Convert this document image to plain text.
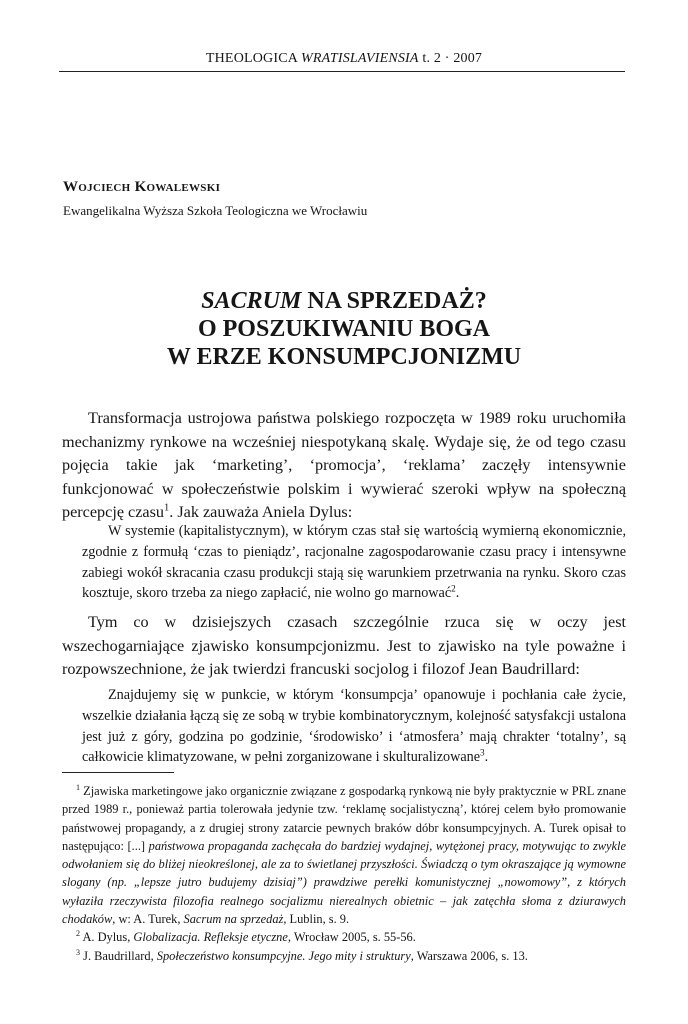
THEOLOGICA WRATISLAVIENSIA t. 2 · 2007
Wojciech Kowalewski
Ewangelikalna Wyższa Szkoła Teologiczna we Wrocławiu
SACRUM NA SPRZEDAŻ?
O POSZUKIWANIU BOGA
W ERZE KONSUMPCJONIZMU
Transformacja ustrojowa państwa polskiego rozpoczęta w 1989 roku uruchomiła mechanizmy rynkowe na wcześniej niespotykaną skalę. Wydaje się, że od tego czasu pojęcia takie jak ‘marketing’, ‘promocja’, ‘reklama’ zaczęły intensywnie funkcjonować w społeczeństwie polskim i wywierać szeroki wpływ na społeczną percepcję czasu$^1$. Jak zauważa Aniela Dylus:
W systemie (kapitalistycznym), w którym czas stał się wartością wymierną ekonomicznie, zgodnie z formułą ‘czas to pieniądz’, racjonalne zagospodarowanie czasu pracy i intensywne zabiegi wokół skracania czasu produkcji stają się warunkiem przetrwania na rynku. Skoro czas kosztuje, skoro trzeba za niego zapłacić, nie wolno go marnować$^2$.
Tym co w dzisiejszych czasach szczególnie rzuca się w oczy jest wszechogarniające zjawisko konsumpcjonizmu. Jest to zjawisko na tyle poważne i rozpowszechnione, że jak twierdzi francuski socjolog i filozof Jean Baudrillard:
Znajdujemy się w punkcie, w którym ‘konsumpcja’ opanowuje i pochłania całe życie, wszelkie działania łączą się ze sobą w trybie kombinatorycznym, kolejność satysfakcji ustalona jest już z góry, godzina po godzinie, ‘środowisko’ i ‘atmosfera’ mają chrakter ‘totalny’, są całkowicie klimatyzowane, w pełni zorganizowane i skulturalizowane$^3$.
$^1$ Zjawiska marketingowe jako organicznie związane z gospodarką rynkową nie były praktycznie w PRL znane przed 1989 r., ponieważ partia tolerowała jedynie tzw. ‘reklamę socjalistyczną’, której celem było promowanie państwowej propagandy, a z drugiej strony zatarcie pewnych braków dóbr konsumpcyjnych. A. Turek opisał to następująco: [...] państwowa propaganda zachęcała do bardziej wydajnej, wytężonej pracy, motywując to zwykle odwołaniem się do bliżej nieokreślonej, ale za to świetlanej przyszłości. Świadczą o tym okraszające ją wymowne slogany (np. „lepsze jutro budujemy dzisiaj”) prawdziwe perełki komunistycznej „nowomowy”, z których wyłaziła rzeczywista filozofia realnego socjalizmu nierealnych obietnic – jak zatęchła słoma z dziurawych chodaków, w: A. Turek, Sacrum na sprzedaż, Lublin, s. 9.
$^2$ A. Dylus, Globalizacja. Refleksje etyczne, Wrocław 2005, s. 55-56.
$^3$ J. Baudrillard, Społeczeństwo konsumpcyjne. Jego mity i struktury, Warszawa 2006, s. 13.
